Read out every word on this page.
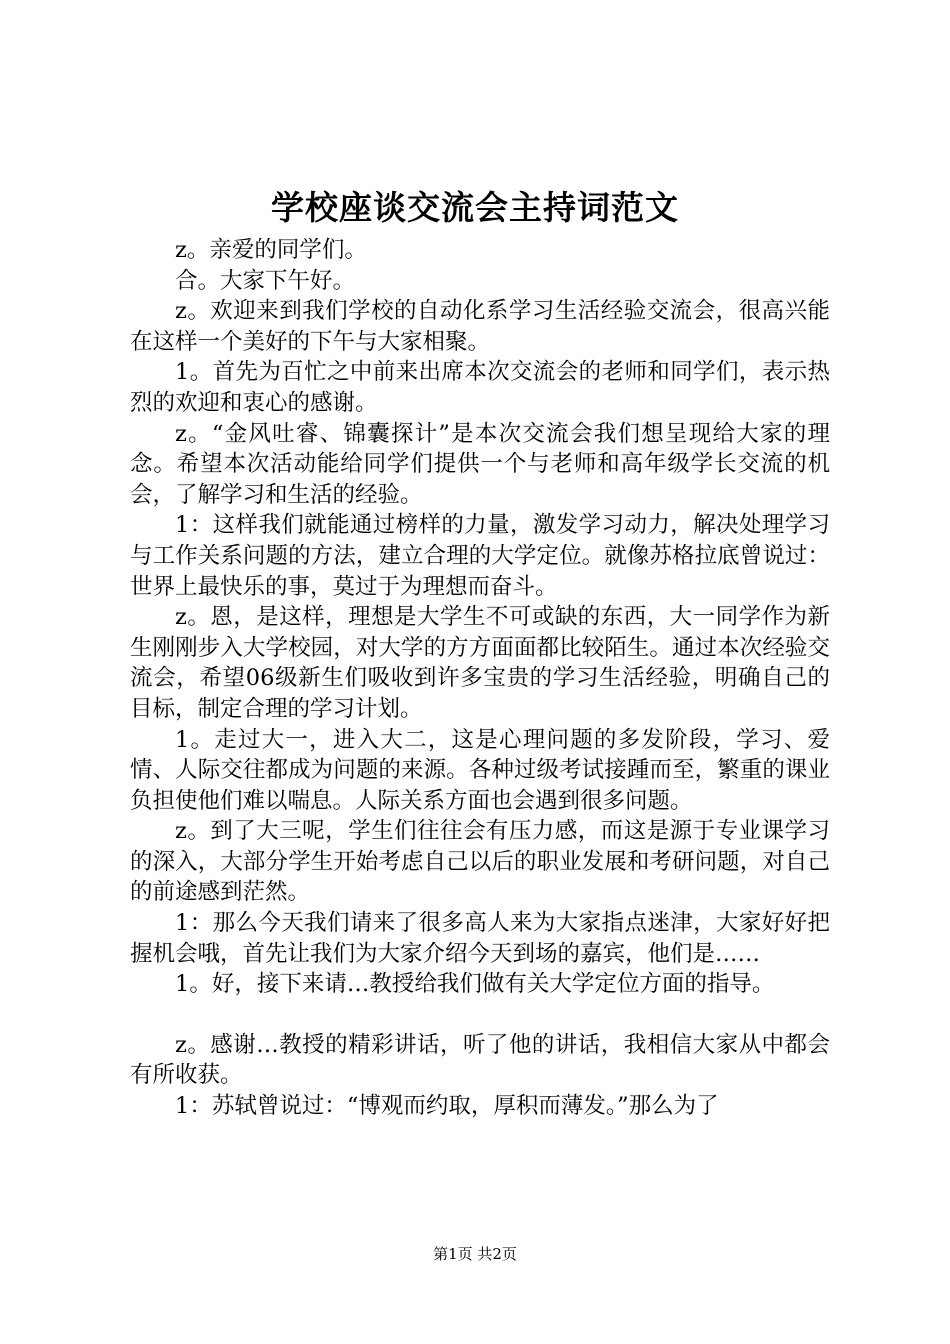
学校座谈交流会主持词范文

z。亲爱的同学们。

合。大家下午好。

z。欢迎来到我们学校的自动化系学习生活经验交流会，很高兴能在这样一个美好的下午与大家相聚。

1。首先为百忙之中前来出席本次交流会的老师和同学们，表示热烈的欢迎和衷心的感谢。

z。“金风吐睿、锦囊探计”是本次交流会我们想呈现给大家的理念。希望本次活动能给同学们提供一个与老师和高年级学长交流的机会，了解学习和生活的经验。

1：这样我们就能通过榜样的力量，激发学习动力，解决处理学习与工作关系问题的方法，建立合理的大学定位。就像苏格拉底曾说过：世界上最快乐的事，莫过于为理想而奋斗。

z。恩，是这样，理想是大学生不可或缺的东西，大一同学作为新生刚刚步入大学校园，对大学的方方面面都比较陌生。通过本次经验交流会，希望06级新生们吸收到许多宝贵的学习生活经验，明确自己的目标，制定合理的学习计划。

1。走过大一，进入大二，这是心理问题的多发阶段，学习、爱情、人际交往都成为问题的来源。各种过级考试接踵而至，繁重的课业负担使他们难以喘息。人际关系方面也会遇到很多问题。

z。到了大三呢，学生们往往会有压力感，而这是源于专业课学习的深入，大部分学生开始考虑自己以后的职业发展和考研问题，对自己的前途感到茫然。

1：那么今天我们请来了很多高人来为大家指点迷津，大家好好把握机会哦，首先让我们为大家介绍今天到场的嘉宾，他们是……

1。好，接下来请…教授给我们做有关大学定位方面的指导。

z。感谢…教授的精彩讲话，听了他的讲话，我相信大家从中都会有所收获。

1：苏轼曾说过：“博观而约取，厚积而薄发。”那么为了

第1页 共2页
